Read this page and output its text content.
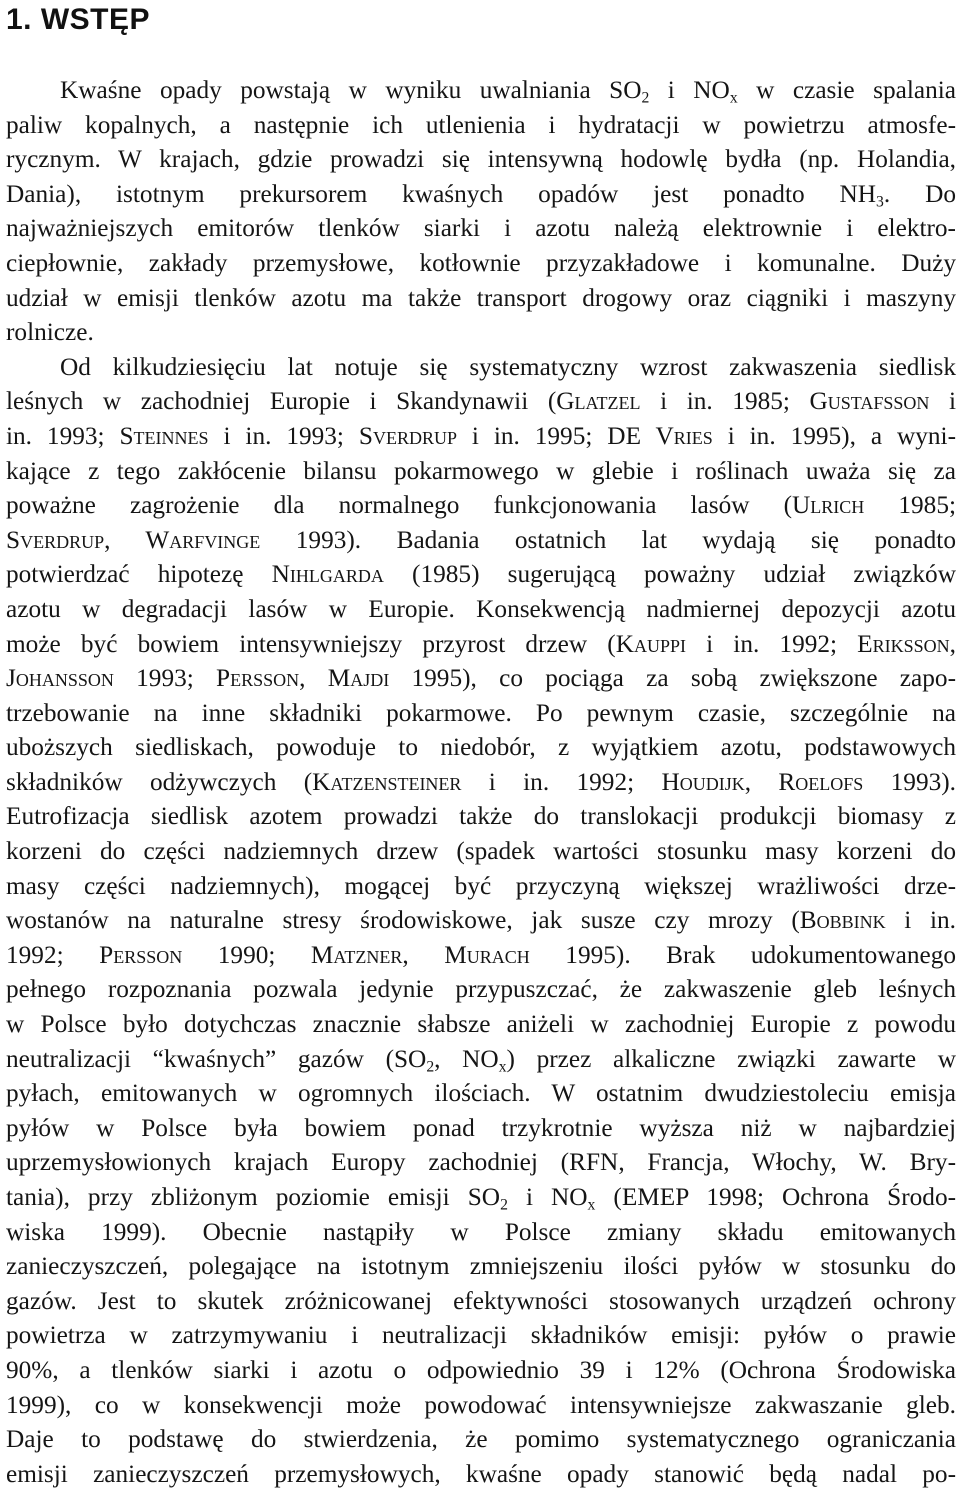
1. WSTĘP
Kwaśne opady powstają w wyniku uwalniania $SO_2$ i $NO_x$ w czasie spalania
paliw kopalnych, a następnie ich utlenienia i hydratacji w powietrzu atmosfe-
rycznym. W krajach, gdzie prowadzi się intensywną hodowlę bydła (np. Holandia,
Dania), istotnym prekursorem kwaśnych opadów jest ponadto $NH_3$. Do
najważniejszych emitorów tlenków siarki i azotu należą elektrownie i elektro-
ciepłownie, zakłady przemysłowe, kotłownie przyzakładowe i komunalne. Duży
udział w emisji tlenków azotu ma także transport drogowy oraz ciągniki i maszyny
rolnicze.
Od kilkudziesięciu lat notuje się systematyczny wzrost zakwaszenia siedlisk
leśnych w zachodniej Europie i Skandynawii (Glatzel i in. 1985; Gustafsson i
in. 1993; Steinnes i in. 1993; Sverdrup i in. 1995; DE Vries i in. 1995), a wyni-
kające z tego zakłócenie bilansu pokarmowego w glebie i roślinach uważa się za
poważne zagrożenie dla normalnego funkcjonowania lasów (Ulrich 1985;
Sverdrup, Warfvinge 1993). Badania ostatnich lat wydają się ponadto
potwierdzać hipotezę Nihlgarda (1985) sugerującą poważny udział związków
azotu w degradacji lasów w Europie. Konsekwencją nadmiernej depozycji azotu
może być bowiem intensywniejszy przyrost drzew (Kauppi i in. 1992; Eriksson,
Johansson 1993; Persson, Majdi 1995), co pociąga za sobą zwiększone zapo-
trzebowanie na inne składniki pokarmowe. Po pewnym czasie, szczególnie na
uboższych siedliskach, powoduje to niedobór, z wyjątkiem azotu, podstawowych
składników odżywczych (Katzensteiner i in. 1992; Houdijk, Roelofs 1993).
Eutrofizacja siedlisk azotem prowadzi także do translokacji produkcji biomasy z
korzeni do części nadziemnych drzew (spadek wartości stosunku masy korzeni do
masy części nadziemnych), mogącej być przyczyną większej wrażliwości drze-
wostanów na naturalne stresy środowiskowe, jak susze czy mrozy (Bobbink i in.
1992; Persson 1990; Matzner, Murach 1995). Brak udokumentowanego
pełnego rozpoznania pozwala jedynie przypuszczać, że zakwaszenie gleb leśnych
w Polsce było dotychczas znacznie słabsze aniżeli w zachodniej Europie z powodu
neutralizacji “kwaśnych” gazów ($SO_2$, $NO_x$) przez alkaliczne związki zawarte w
pyłach, emitowanych w ogromnych ilościach. W ostatnim dwudziestoleciu emisja
pyłów w Polsce była bowiem ponad trzykrotnie wyższa niż w najbardziej
uprzemysłowionych krajach Europy zachodniej (RFN, Francja, Włochy, W. Bry-
tania), przy zbliżonym poziomie emisji $SO_2$ i $NO_x$ (EMEP 1998; Ochrona Środo-
wiska 1999). Obecnie nastąpiły w Polsce zmiany składu emitowanych
zanieczyszczeń, polegające na istotnym zmniejszeniu ilości pyłów w stosunku do
gazów. Jest to skutek zróżnicowanej efektywności stosowanych urządzeń ochrony
powietrza w zatrzymywaniu i neutralizacji składników emisji: pyłów o prawie
90%, a tlenków siarki i azotu o odpowiednio 39 i 12% (Ochrona Środowiska
1999), co w konsekwencji może powodować intensywniejsze zakwaszanie gleb.
Daje to podstawę do stwierdzenia, że pomimo systematycznego ograniczania
emisji zanieczyszczeń przemysłowych, kwaśne opady stanowić będą nadal po-
